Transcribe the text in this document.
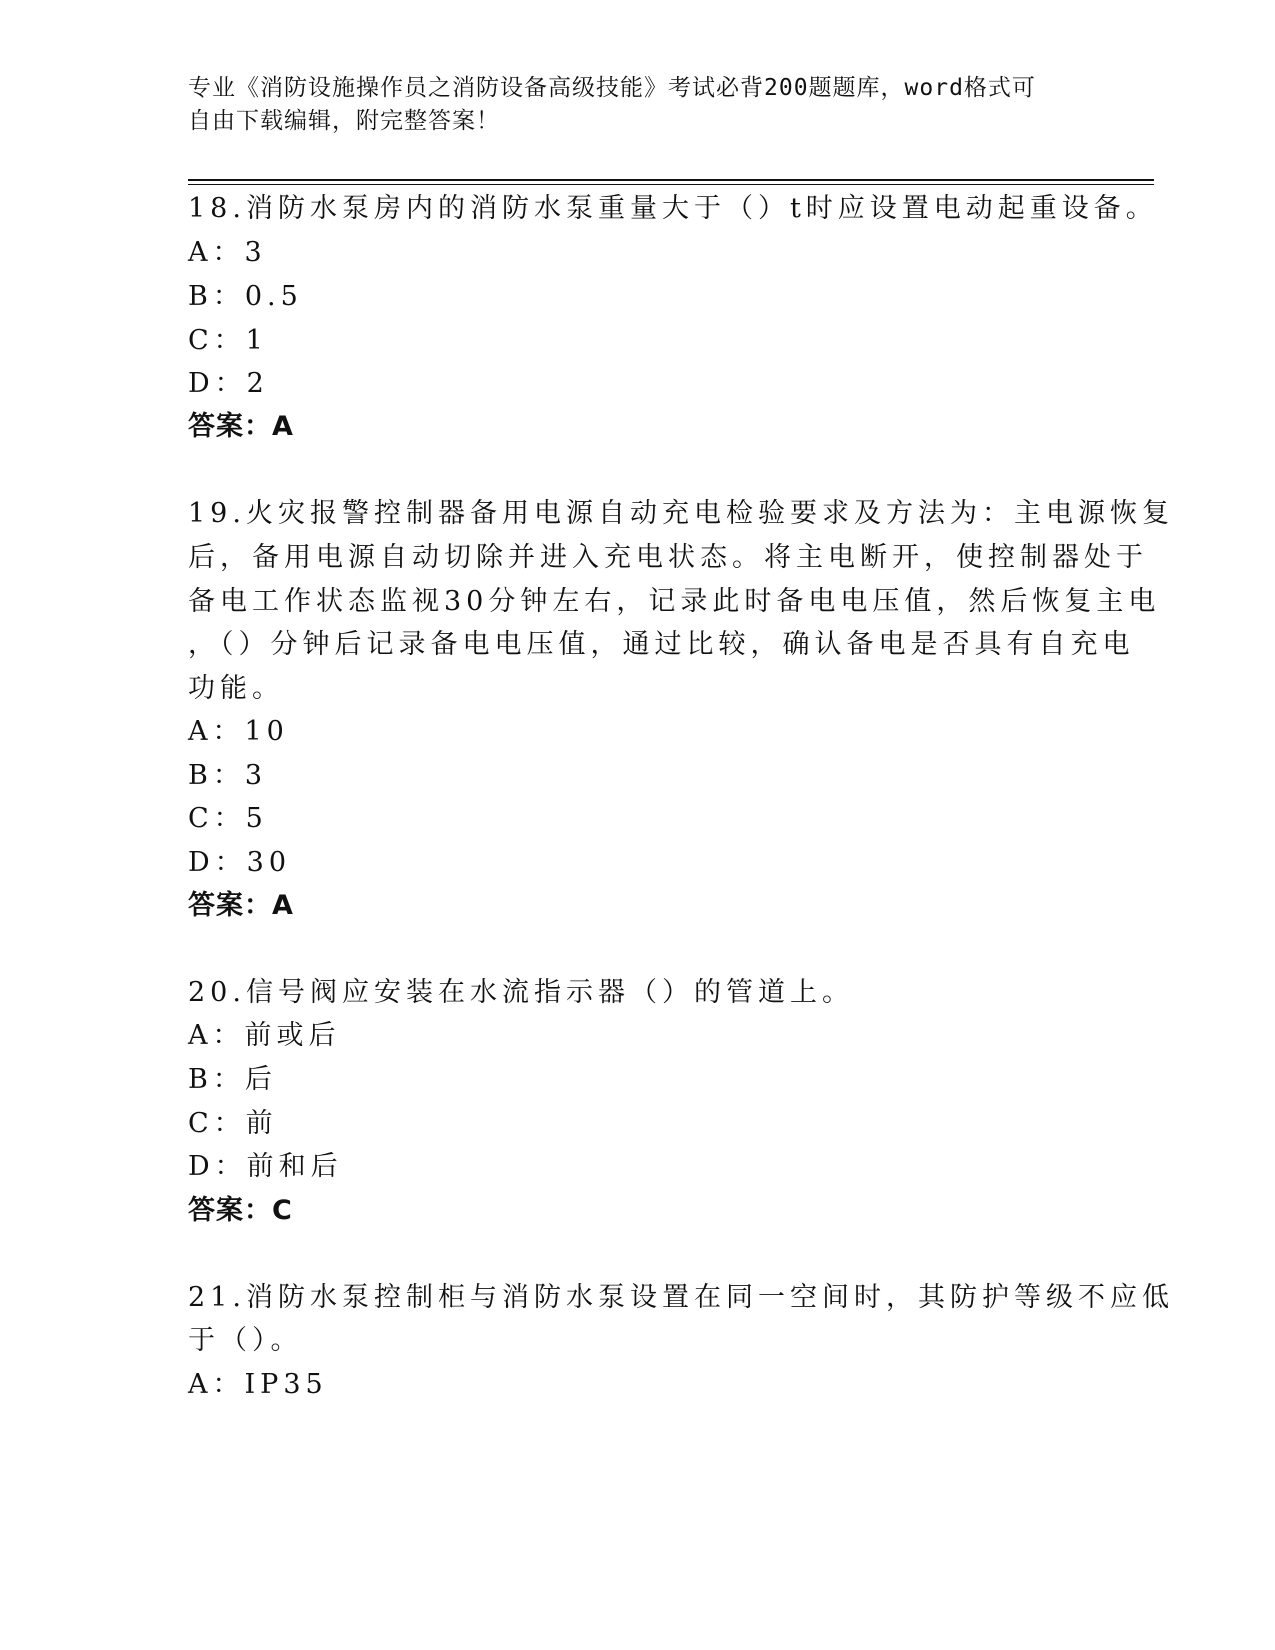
专业《消防设施操作员之消防设备高级技能》考试必背200题题库，word格式可
自由下载编辑，附完整答案！
18.消防水泵房内的消防水泵重量大于（）t时应设置电动起重设备。
A：3
B：0.5
C：1
D：2
答案：A
19.火灾报警控制器备用电源自动充电检验要求及方法为：主电源恢复
后，备用电源自动切除并进入充电状态。将主电断开，使控制器处于
备电工作状态监视30分钟左右，记录此时备电电压值，然后恢复主电
，（）分钟后记录备电电压值，通过比较，确认备电是否具有自充电
功能。
A：10
B：3
C：5
D：30
答案：A
20.信号阀应安装在水流指示器（）的管道上。
A：前或后
B：后
C：前
D：前和后
答案：C
21.消防水泵控制柜与消防水泵设置在同一空间时，其防护等级不应低
于（）。
A：IP35
